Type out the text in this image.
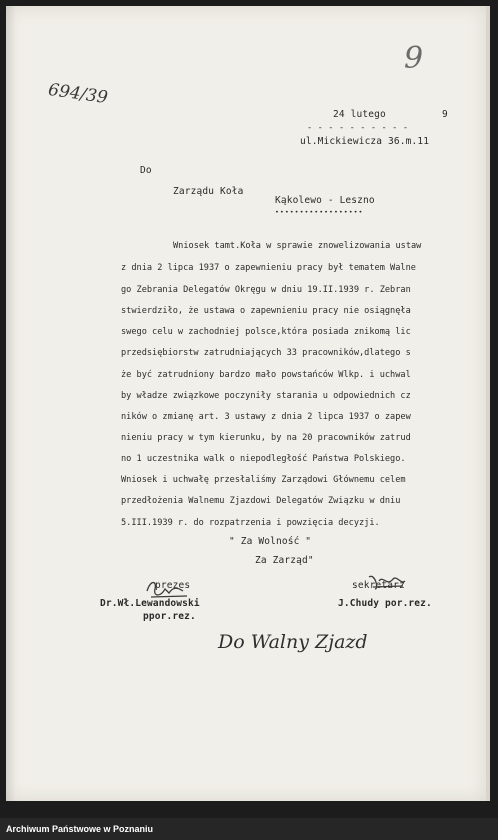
9
694/39
24 lutego	9
- - - - - - - - - -
ul.Mickiewicza 36.m.11
Do
Zarządu Koła
Kąkolewo - Leszno
••••••••••••••••••
Wniosek tamt.Koła w sprawie znowelizowania ustaw
z dnia 2 lipca 1937 o zapewnieniu pracy był tematem Walne
go Zebrania Delegatów Okręgu w dniu 19.II.1939 r. Zebran
stwierdziło, że ustawa o zapewnieniu pracy nie osiągnęła
swego celu w zachodniej polsce,która posiada znikomą lic
przedsiębiorstw zatrudniających 33 pracowników,dlatego s
że być zatrudniony bardzo mało powstańców Wlkp. i uchwal
by władze związkowe poczyniły starania u odpowiednich cz
ników o zmianę art. 3 ustawy z dnia 2 lipca 1937 o zapew
nieniu pracy w tym kierunku, by na 20 pracowników zatrud
no 1 uczestnika walk o niepodległość Państwa Polskiego.
Wniosek i uchwałę przesłaliśmy Zarządowi Głównemu celem
przedłożenia Walnemu Zjazdowi Delegatów Związku w dniu
5.III.1939 r. do rozpatrzenia i powzięcia decyzji.
" Za Wolność "
Za Zarząd"
prezes	sekretarz
Dr.Wł.Lewandowski
ppor.rez.
J.Chudy por.rez.
Do Walny Zjazd
Archiwum Państwowe w Poznaniu
